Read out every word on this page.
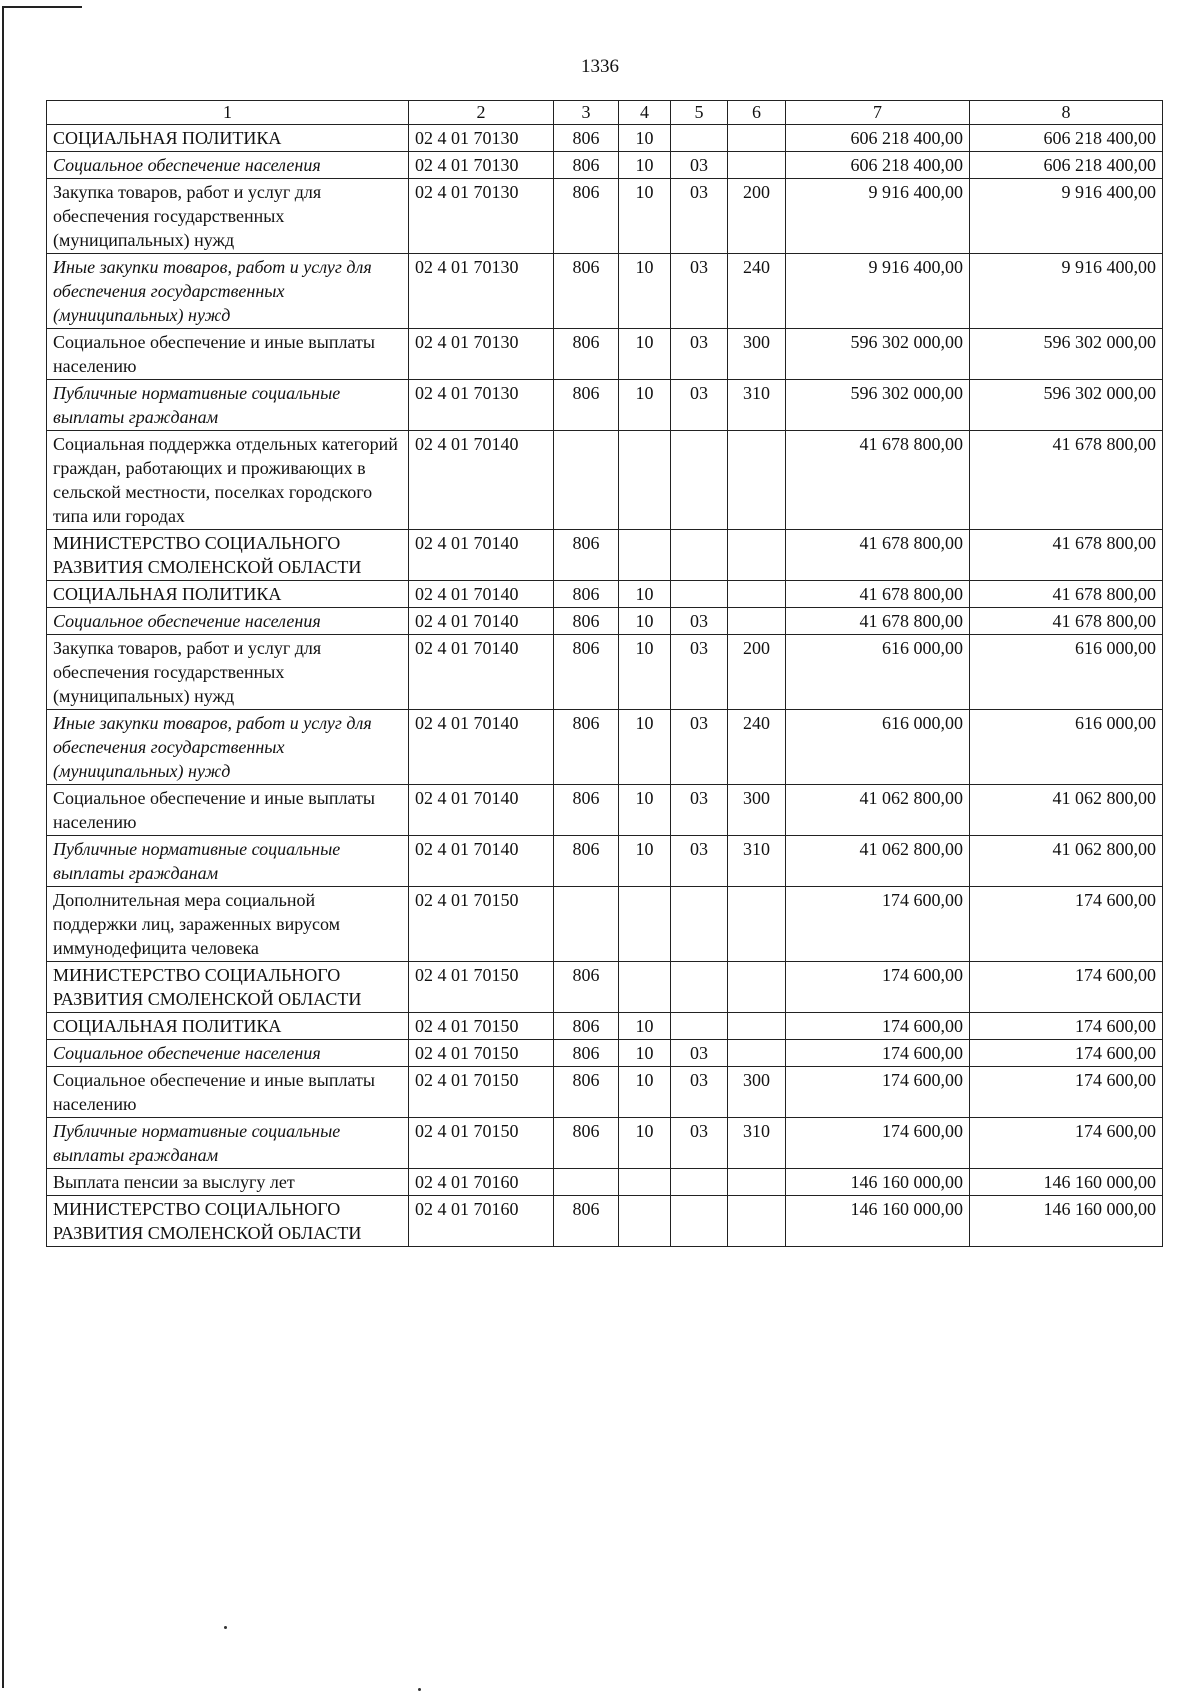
1336
1	2	3	4	5	6	7	8
СОЦИАЛЬНАЯ ПОЛИТИКА	02 4 01 70130	806	10			606 218 400,00	606 218 400,00
Социальное обеспечение населения	02 4 01 70130	806	10	03		606 218 400,00	606 218 400,00
Закупка товаров, работ и услуг для обеспечения государственных (муниципальных) нужд	02 4 01 70130	806	10	03	200	9 916 400,00	9 916 400,00
Иные закупки товаров, работ и услуг для обеспечения государственных (муниципальных) нужд	02 4 01 70130	806	10	03	240	9 916 400,00	9 916 400,00
Социальное обеспечение и иные выплаты населению	02 4 01 70130	806	10	03	300	596 302 000,00	596 302 000,00
Публичные нормативные социальные выплаты гражданам	02 4 01 70130	806	10	03	310	596 302 000,00	596 302 000,00
Социальная поддержка отдельных категорий граждан, работающих и проживающих в сельской местности, поселках городского типа или городах	02 4 01 70140					41 678 800,00	41 678 800,00
МИНИСТЕРСТВО СОЦИАЛЬНОГО РАЗВИТИЯ СМОЛЕНСКОЙ ОБЛАСТИ	02 4 01 70140	806				41 678 800,00	41 678 800,00
СОЦИАЛЬНАЯ ПОЛИТИКА	02 4 01 70140	806	10			41 678 800,00	41 678 800,00
Социальное обеспечение населения	02 4 01 70140	806	10	03		41 678 800,00	41 678 800,00
Закупка товаров, работ и услуг для обеспечения государственных (муниципальных) нужд	02 4 01 70140	806	10	03	200	616 000,00	616 000,00
Иные закупки товаров, работ и услуг для обеспечения государственных (муниципальных) нужд	02 4 01 70140	806	10	03	240	616 000,00	616 000,00
Социальное обеспечение и иные выплаты населению	02 4 01 70140	806	10	03	300	41 062 800,00	41 062 800,00
Публичные нормативные социальные выплаты гражданам	02 4 01 70140	806	10	03	310	41 062 800,00	41 062 800,00
Дополнительная мера социальной поддержки лиц, зараженных вирусом иммунодефицита человека	02 4 01 70150					174 600,00	174 600,00
МИНИСТЕРСТВО СОЦИАЛЬНОГО РАЗВИТИЯ СМОЛЕНСКОЙ ОБЛАСТИ	02 4 01 70150	806				174 600,00	174 600,00
СОЦИАЛЬНАЯ ПОЛИТИКА	02 4 01 70150	806	10			174 600,00	174 600,00
Социальное обеспечение населения	02 4 01 70150	806	10	03		174 600,00	174 600,00
Социальное обеспечение и иные выплаты населению	02 4 01 70150	806	10	03	300	174 600,00	174 600,00
Публичные нормативные социальные выплаты гражданам	02 4 01 70150	806	10	03	310	174 600,00	174 600,00
Выплата пенсии за выслугу лет	02 4 01 70160					146 160 000,00	146 160 000,00
МИНИСТЕРСТВО СОЦИАЛЬНОГО РАЗВИТИЯ СМОЛЕНСКОЙ ОБЛАСТИ	02 4 01 70160	806				146 160 000,00	146 160 000,00
